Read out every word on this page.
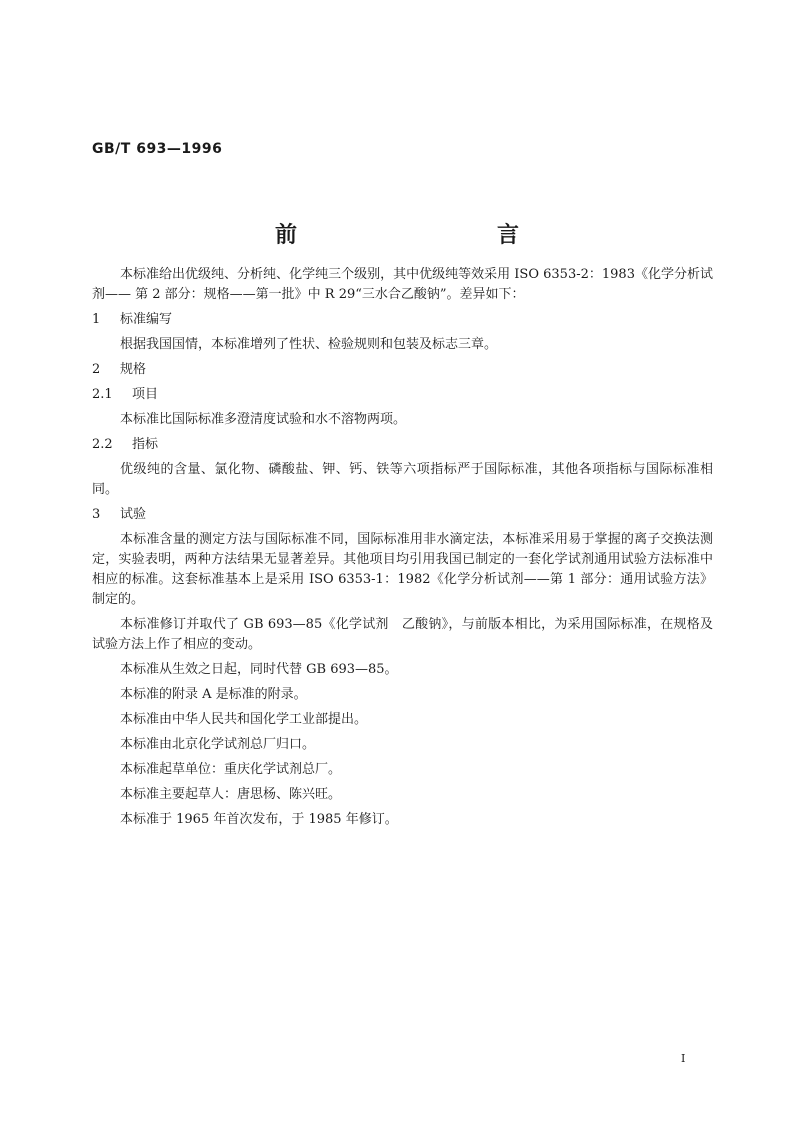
GB/T 693—1996

前　　言

本标准给出优级纯、分析纯、化学纯三个级别，其中优级纯等效采用 ISO 6353-2：1983《化学分析试剂—— 第 2 部分：规格——第一批》中 R 29“三水合乙酸钠”。差异如下：

1 标准编写

根据我国国情，本标准增列了性状、检验规则和包装及标志三章。

2 规格

2.1 项目

本标准比国际标准多澄清度试验和水不溶物两项。

2.2 指标

优级纯的含量、氯化物、磷酸盐、钾、钙、铁等六项指标严于国际标准，其他各项指标与国际标准相同。

3 试验

本标准含量的测定方法与国际标准不同，国际标准用非水滴定法，本标准采用易于掌握的离子交换法测定，实验表明，两种方法结果无显著差异。其他项目均引用我国已制定的一套化学试剂通用试验方法标准中相应的标准。这套标准基本上是采用 ISO 6353-1：1982《化学分析试剂——第 1 部分：通用试验方法》制定的。

本标准修订并取代了 GB 693—85《化学试剂　乙酸钠》，与前版本相比，为采用国际标准，在规格及试验方法上作了相应的变动。

本标准从生效之日起，同时代替 GB 693—85。

本标准的附录 A 是标准的附录。

本标准由中华人民共和国化学工业部提出。

本标准由北京化学试剂总厂归口。

本标准起草单位：重庆化学试剂总厂。

本标准主要起草人：唐思杨、陈兴旺。

本标准于 1965 年首次发布，于 1985 年修订。

I
